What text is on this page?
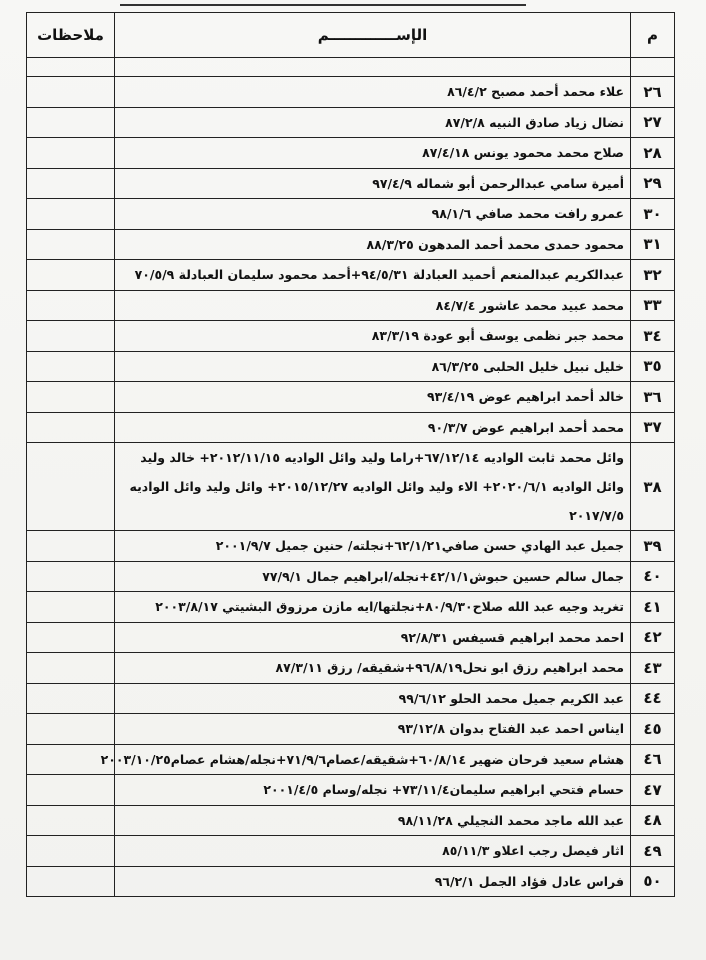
م	الإســـــــــــــم	ملاحظات

٢٦	علاء محمد أحمد مصبح ٨٦/٤/٢	
٢٧	نضال زياد صادق النبيه ٨٧/٢/٨	
٢٨	صلاح محمد محمود يونس ٨٧/٤/١٨	
٢٩	أميرة سامي عبدالرحمن أبو شماله ٩٧/٤/٩	
٣٠	عمرو رافت محمد صافي ٩٨/١/٦	
٣١	محمود حمدى محمد أحمد المدهون ٨٨/٣/٢٥	
٣٢	عبدالكريم عبدالمنعم أحميد العبادلة ٩٤/٥/٣١+أحمد محمود سليمان العبادلة ٧٠/٥/٩	
٣٣	محمد عبيد محمد عاشور ٨٤/٧/٤	
٣٤	محمد جبر نظمى يوسف أبو عودة ٨٣/٣/١٩	
٣٥	خليل نبيل خليل الحلبى ٨٦/٣/٢٥	
٣٦	خالد أحمد ابراهيم عوض ٩٣/٤/١٩	
٣٧	محمد أحمد ابراهيم عوض ٩٠/٣/٧	
٣٨	وائل محمد ثابت الواديه ٦٧/١٢/١٤+راما وليد وائل الواديه ٢٠١٢/١١/١٥+ خالد وليد وائل الواديه ٢٠٢٠/٦/١+ الاء وليد وائل الواديه ٢٠١٥/١٢/٢٧+ وائل وليد وائل الواديه ٢٠١٧/٧/٥	
٣٩	جميل عبد الهادي حسن صافي٦٢/١/٢١+نجلته/ حنين جميل ٢٠٠١/٩/٧	
٤٠	جمال سالم حسين حبوش٤٢/١/١+نجله/ابراهيم جمال ٧٧/٩/١	
٤١	تغريد وجيه عبد الله صلاح٨٠/٩/٣٠+نجلتها/ايه مازن مرزوق البشيتي ٢٠٠٣/٨/١٧	
٤٢	احمد محمد ابراهيم قسيفس ٩٢/٨/٣١	
٤٣	محمد ابراهيم رزق ابو نحل٩٦/٨/١٩+شقيقه/ رزق ٨٧/٣/١١	
٤٤	عبد الكريم جميل محمد الحلو ٩٩/٦/١٢	
٤٥	ايناس احمد عبد الفتاح بدوان ٩٣/١٢/٨	
٤٦	هشام سعيد فرحان ضهير ٦٠/٨/١٤+شقيقه/عصام٧١/٩/٦+نجله/هشام عصام٢٠٠٣/١٠/٢٥	
٤٧	حسام فتحي ابراهيم سليمان٧٣/١١/٤+ نجله/وسام ٢٠٠١/٤/٥	
٤٨	عبد الله ماجد محمد النجيلي ٩٨/١١/٢٨	
٤٩	اثار فيصل رجب اعلاو ٨٥/١١/٣	
٥٠	فراس عادل فؤاد الجمل ٩٦/٢/١	
